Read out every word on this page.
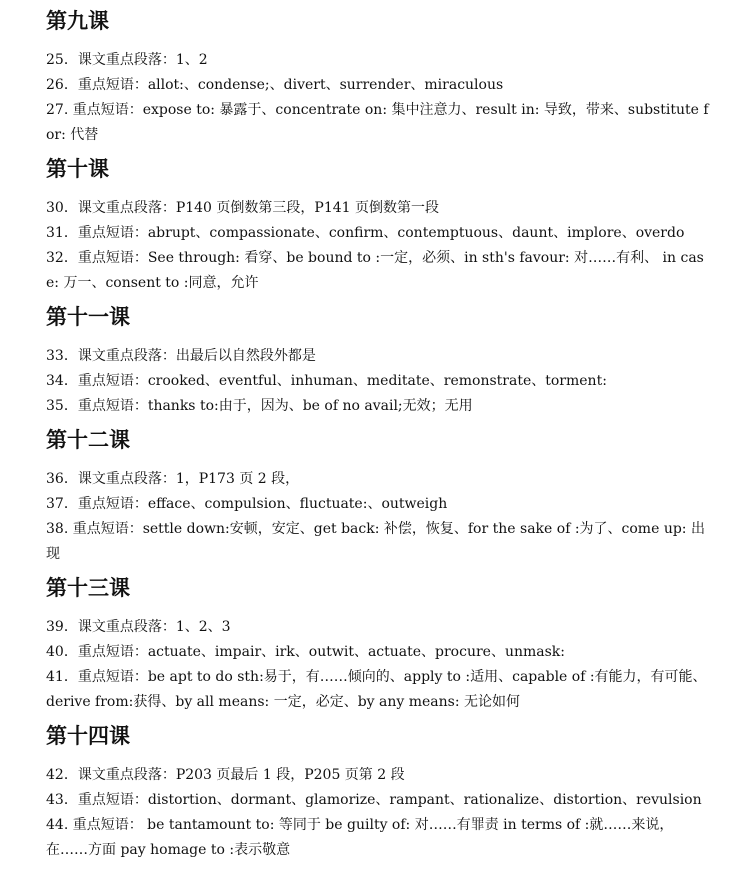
第九课

25．课文重点段落：1、2

26．重点短语：allot:、condense;、divert、surrender、miraculous

27. 重点短语：expose to: 暴露于、concentrate on: 集中注意力、result in: 导致，带来、substitute for: 代替

第十课

30．课文重点段落：P140 页倒数第三段，P141 页倒数第一段

31．重点短语：abrupt、compassionate、confirm、contemptuous、daunt、implore、overdo

32．重点短语：See through: 看穿、be bound to :一定，必须、in sth's favour: 对……有利、 in case: 万一、consent to :同意，允许

第十一课

33．课文重点段落：出最后以自然段外都是

34．重点短语：crooked、eventful、inhuman、meditate、remonstrate、torment:

35．重点短语：thanks to:由于，因为、be of no avail;无效；无用

第十二课

36．课文重点段落：1，P173 页 2 段，

37．重点短语：efface、compulsion、fluctuate:、outweigh

38. 重点短语：settle down:安顿，安定、get back: 补偿，恢复、for the sake of :为了、come up: 出现

第十三课

39．课文重点段落：1、2、3

40．重点短语：actuate、impair、irk、outwit、actuate、procure、unmask:

41．重点短语：be apt to do sth:易于，有……倾向的、apply to :适用、capable of :有能力，有可能、derive from:获得、by all means: 一定，必定、by any means: 无论如何

第十四课

42．课文重点段落：P203 页最后 1 段，P205 页第 2 段

43．重点短语：distortion、dormant、glamorize、rampant、rationalize、distortion、revulsion

44. 重点短语： be tantamount to: 等同于 be guilty of: 对……有罪责 in terms of :就……来说，在……方面 pay homage to :表示敬意
